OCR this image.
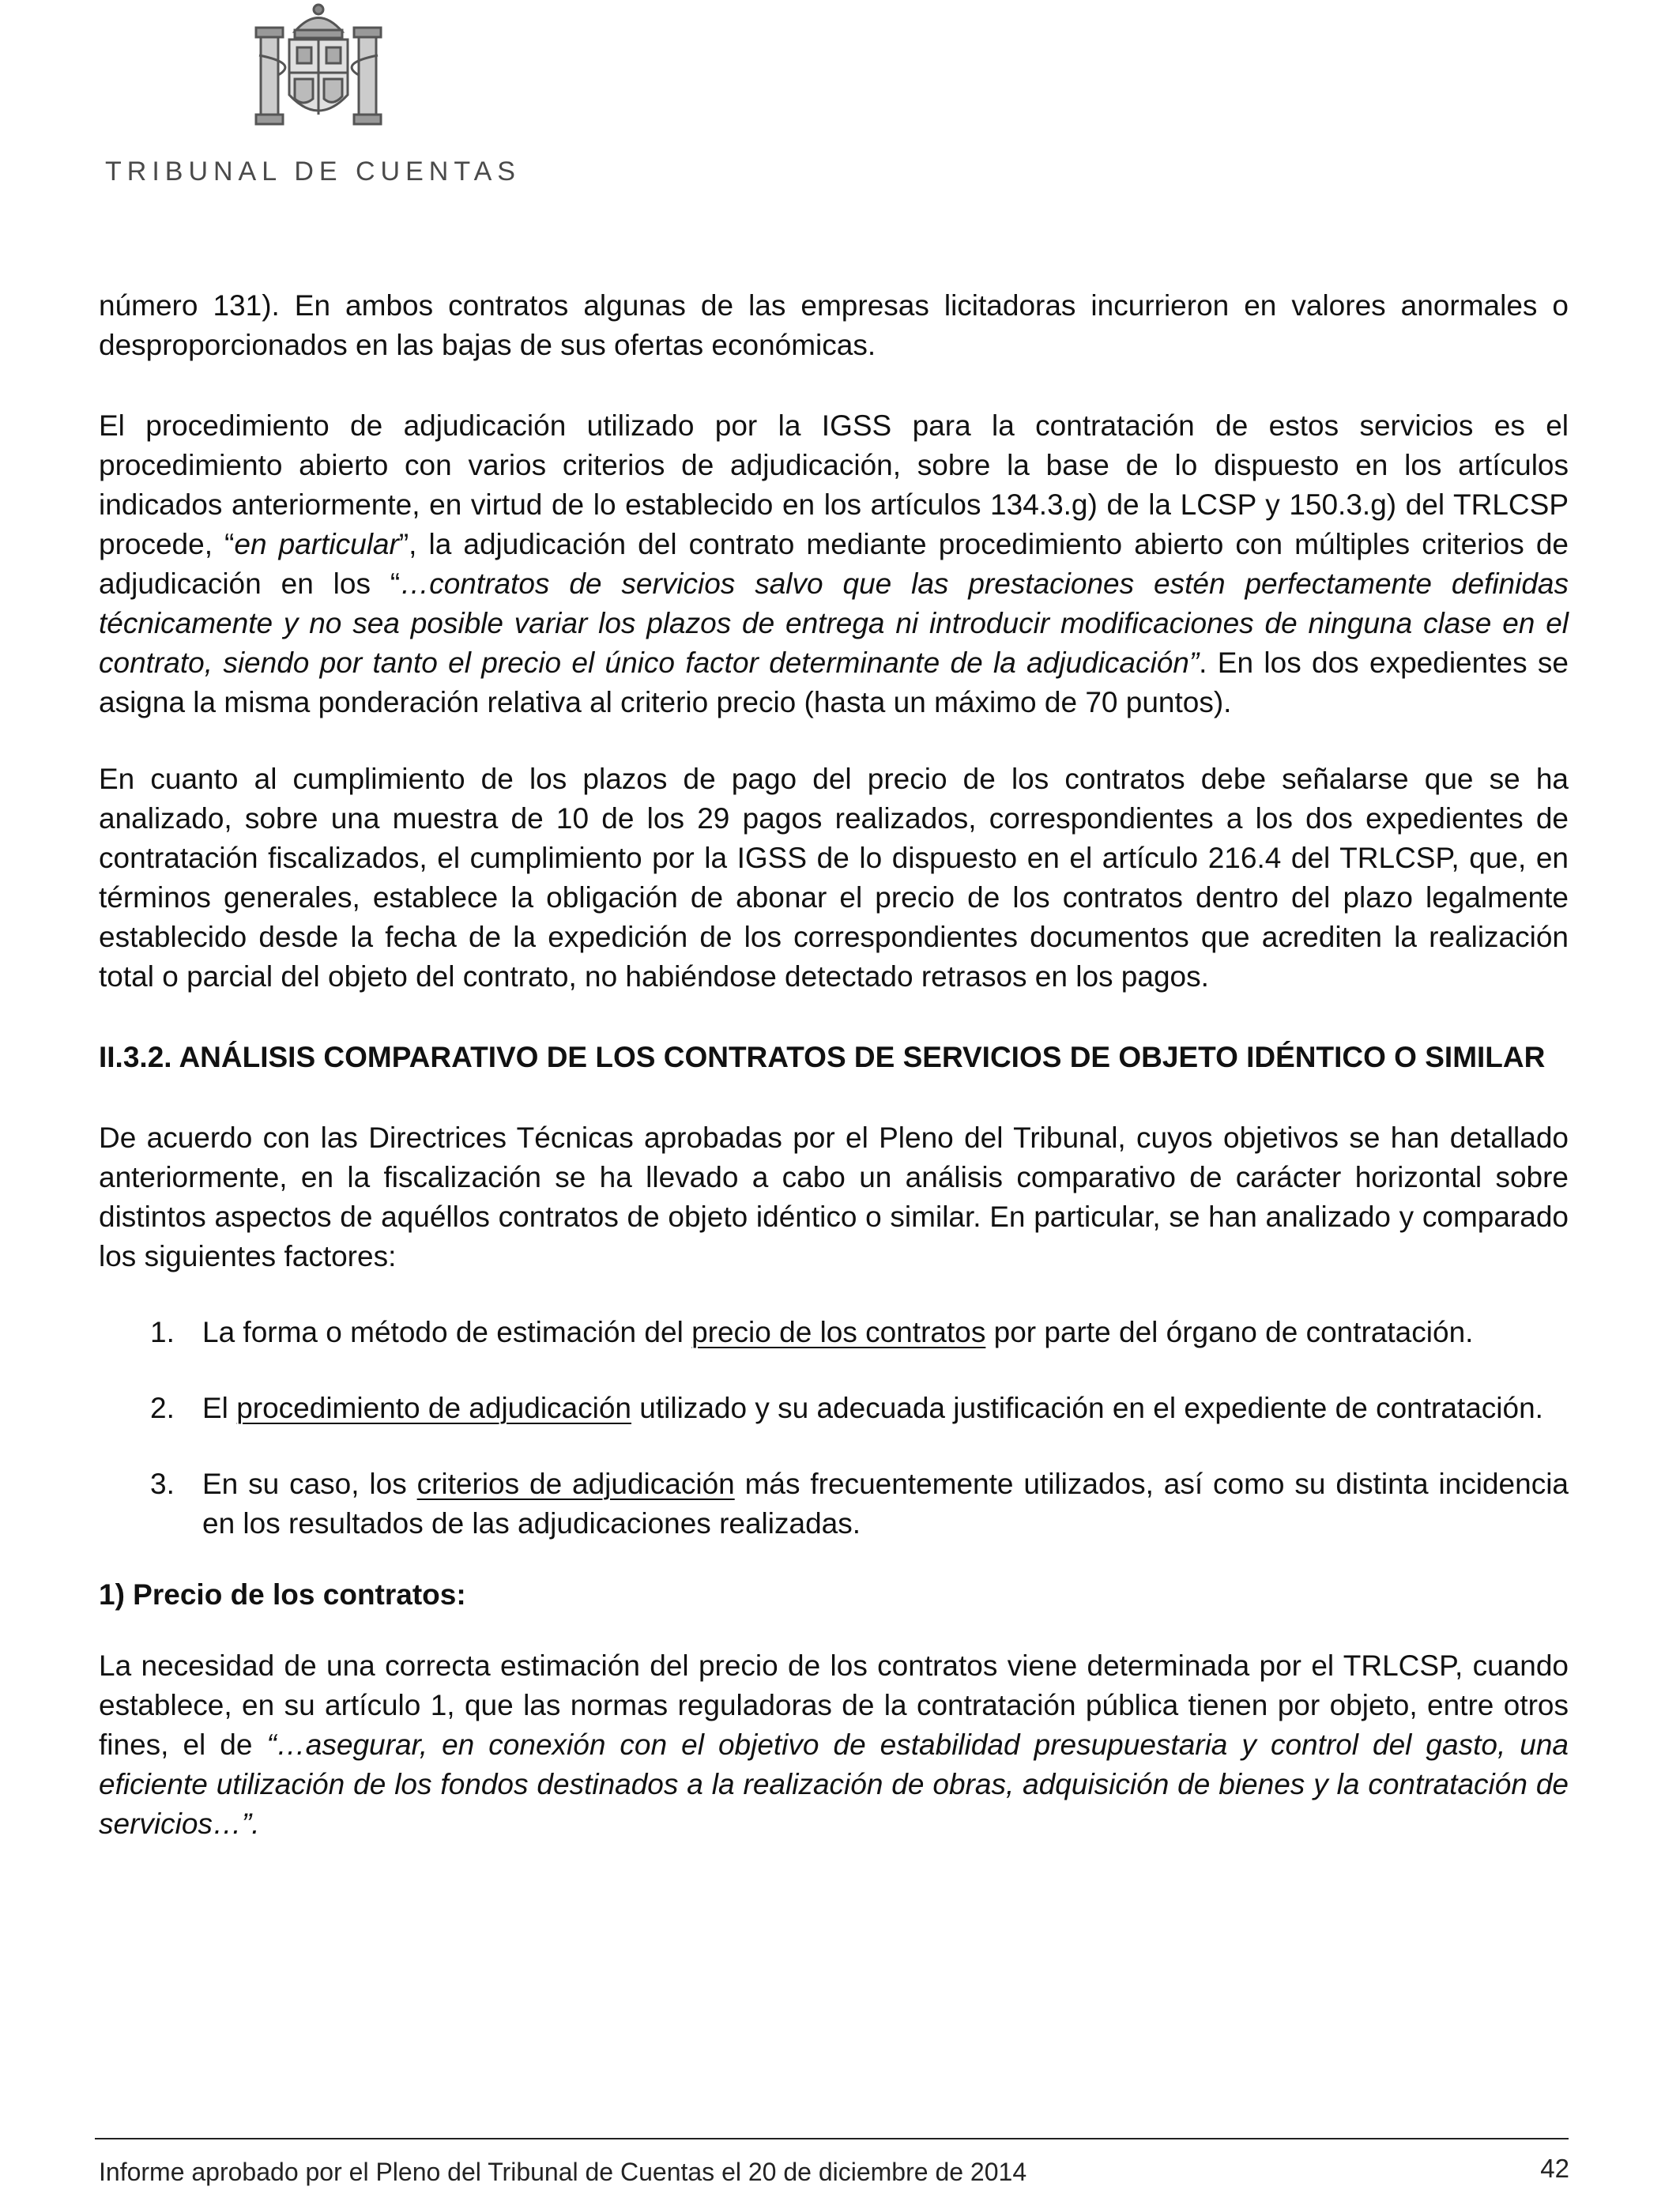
TRIBUNAL DE CUENTAS

número 131). En ambos contratos algunas de las empresas licitadoras incurrieron en valores anormales o desproporcionados en las bajas de sus ofertas económicas.

El procedimiento de adjudicación utilizado por la IGSS para la contratación de estos servicios es el procedimiento abierto con varios criterios de adjudicación, sobre la base de lo dispuesto en los artículos indicados anteriormente, en virtud de lo establecido en los artículos 134.3.g) de la LCSP y 150.3.g) del TRLCSP procede, “en particular”, la adjudicación del contrato mediante procedimiento abierto con múltiples criterios de adjudicación en los “…contratos de servicios salvo que las prestaciones estén perfectamente definidas técnicamente y no sea posible variar los plazos de entrega ni introducir modificaciones de ninguna clase en el contrato, siendo por tanto el precio el único factor determinante de la adjudicación”. En los dos expedientes se asigna la misma ponderación relativa al criterio precio (hasta un máximo de 70 puntos).

En cuanto al cumplimiento de los plazos de pago del precio de los contratos debe señalarse que se ha analizado, sobre una muestra de 10 de los 29 pagos realizados, correspondientes a los dos expedientes de contratación fiscalizados, el cumplimiento por la IGSS de lo dispuesto en el artículo 216.4 del TRLCSP, que, en términos generales, establece la obligación de abonar el precio de los contratos dentro del plazo legalmente establecido desde la fecha de la expedición de los correspondientes documentos que acrediten la realización total o parcial del objeto del contrato, no habiéndose detectado retrasos en los pagos.

II.3.2. ANÁLISIS COMPARATIVO DE LOS CONTRATOS DE SERVICIOS DE OBJETO IDÉNTICO O SIMILAR

De acuerdo con las Directrices Técnicas aprobadas por el Pleno del Tribunal, cuyos objetivos se han detallado anteriormente, en la fiscalización se ha llevado a cabo un análisis comparativo de carácter horizontal sobre distintos aspectos de aquéllos contratos de objeto idéntico o similar. En particular, se han analizado y comparado los siguientes factores:

1. La forma o método de estimación del precio de los contratos por parte del órgano de contratación.
2. El procedimiento de adjudicación utilizado y su adecuada justificación en el expediente de contratación.
3. En su caso, los criterios de adjudicación más frecuentemente utilizados, así como su distinta incidencia en los resultados de las adjudicaciones realizadas.
1) Precio de los contratos:

La necesidad de una correcta estimación del precio de los contratos viene determinada por el TRLCSP, cuando establece, en su artículo 1, que las normas reguladoras de la contratación pública tienen por objeto, entre otros fines, el de “…asegurar, en conexión con el objetivo de estabilidad presupuestaria y control del gasto, una eficiente utilización de los fondos destinados a la realización de obras, adquisición de bienes y la contratación de servicios…”.

42
Informe aprobado por el Pleno del Tribunal de Cuentas el 20 de diciembre de 2014
